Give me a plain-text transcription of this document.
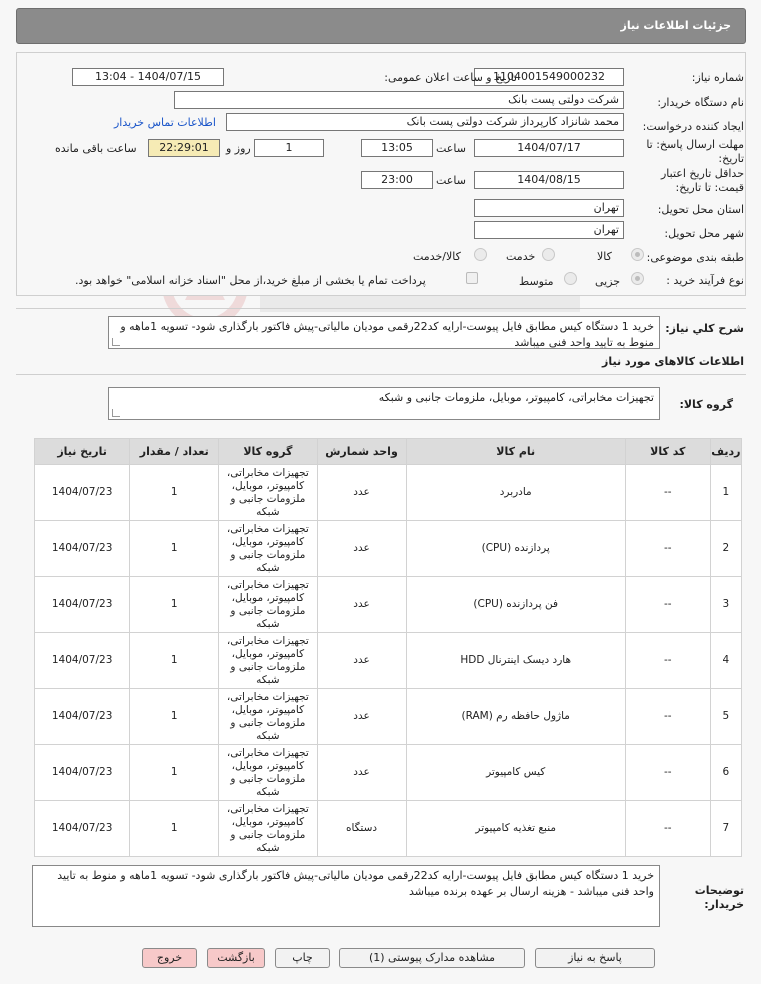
جزئیات اطلاعات نیاز
شماره نیاز:
1104001549000232
تاریخ و ساعت اعلان عمومی:
1404/07/15 - 13:04
نام دستگاه خریدار:
شرکت دولتی پست بانک
ایجاد کننده درخواست:
محمد شانزاد کارپرداز شرکت دولتی پست بانک
اطلاعات تماس خریدار
مهلت ارسال پاسخ: تا
تاریخ:
1404/07/17
ساعت
13:05
1
روز و
22:29:01
ساعت باقی مانده
حداقل تاریخ اعتبار
قیمت: تا تاریخ:
1404/08/15
ساعت
23:00
استان محل تحویل:
تهران
شهر محل تحویل:
تهران
طبقه بندی موضوعی:
کالا
خدمت
کالا/خدمت
نوع فرآیند خرید :
جزیی
متوسط
پرداخت تمام یا بخشی از مبلغ خرید،از محل "اسناد خزانه اسلامی" خواهد بود.
شرح کلي نياز:
خرید 1 دستگاه کیس مطابق فایل پیوست-ارایه کد22رقمی مودیان مالیاتی-پیش فاکتور بارگذاری شود- تسویه 1ماهه و منوط به تایید واحد فنی میباشد
اطلاعات کالاهای مورد نیاز
گروه کالا:
تجهیزات مخابراتی، کامپیوتر، موبایل، ملزومات جانبی و شبکه
ردیف	کد کالا	نام کالا	واحد شمارش	گروه کالا	تعداد / مقدار	تاریخ نیاز
1	--	مادربرد	عدد	تجهیزات مخابراتی، کامپیوتر، موبایل، ملزومات جانبی و شبکه	1	1404/07/23
2	--	پردازنده (CPU)	عدد	تجهیزات مخابراتی، کامپیوتر، موبایل، ملزومات جانبی و شبکه	1	1404/07/23
3	--	فن پردازنده (CPU)	عدد	تجهیزات مخابراتی، کامپیوتر، موبایل، ملزومات جانبی و شبکه	1	1404/07/23
4	--	هارد دیسک اینترنال HDD	عدد	تجهیزات مخابراتی، کامپیوتر، موبایل، ملزومات جانبی و شبکه	1	1404/07/23
5	--	ماژول حافظه رم (RAM)	عدد	تجهیزات مخابراتی، کامپیوتر، موبایل، ملزومات جانبی و شبکه	1	1404/07/23
6	--	کیس کامپیوتر	عدد	تجهیزات مخابراتی، کامپیوتر، موبایل، ملزومات جانبی و شبکه	1	1404/07/23
7	--	منبع تغذیه کامپیوتر	دستگاه	تجهیزات مخابراتی، کامپیوتر، موبایل، ملزومات جانبی و شبکه	1	1404/07/23
توضیحات
خریدار:
خرید 1 دستگاه کیس مطابق فایل پیوست-ارایه کد22رقمی مودیان مالیاتی-پیش فاکتور بارگذاری شود- تسویه 1ماهه و منوط به تایید واحد فنی میباشد - هزینه ارسال بر عهده برنده میباشد
پاسخ به نیاز
مشاهده مدارک پیوستی (1)
چاپ
بازگشت
خروج
